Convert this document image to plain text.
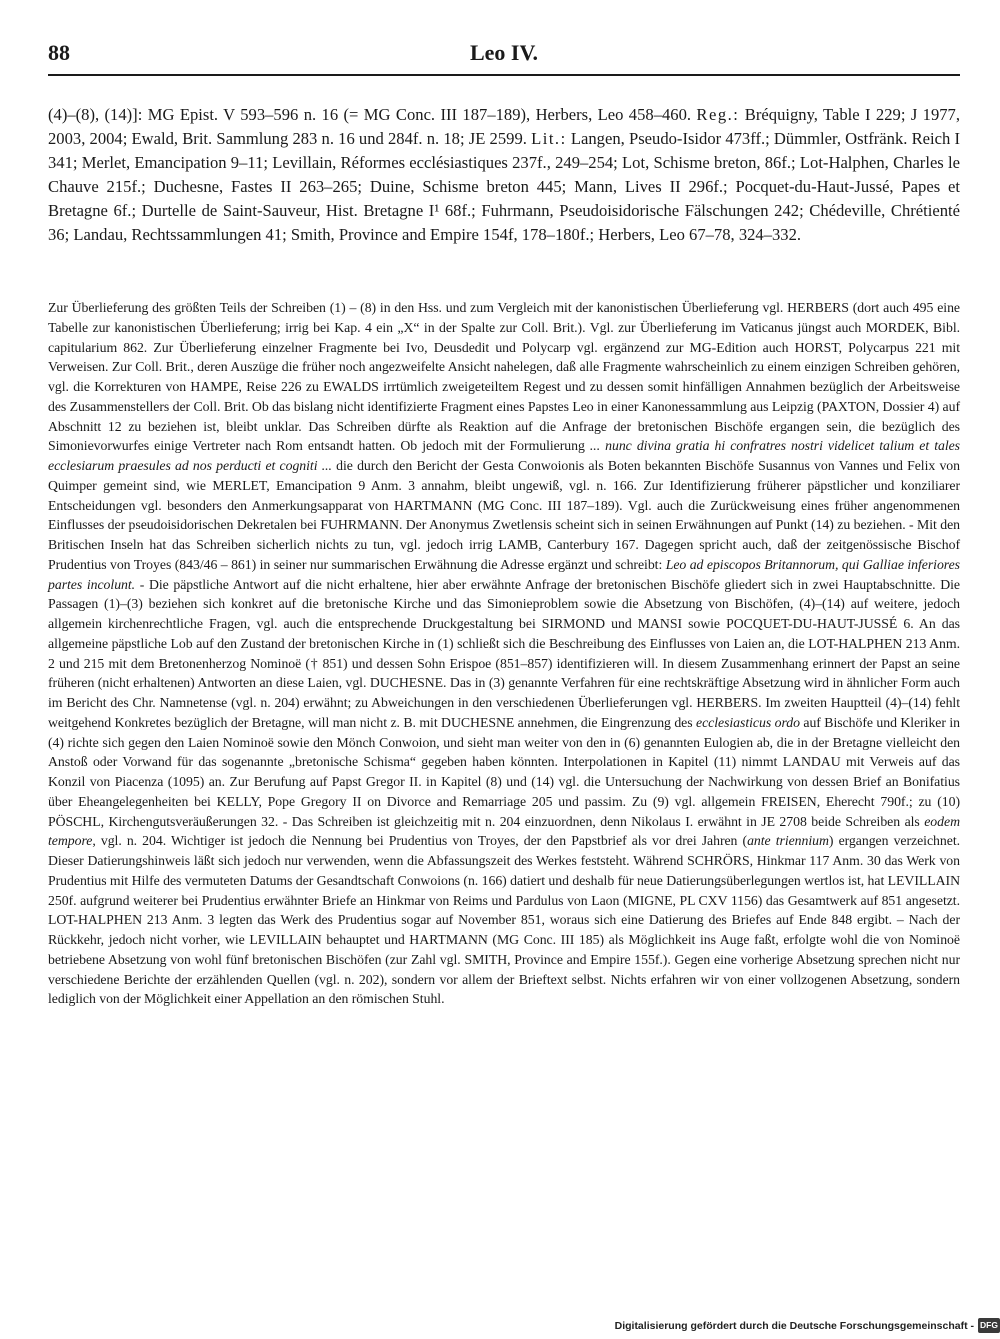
88	Leo IV.

(4)–(8), (14)]: MG Epist. V 593–596 n. 16 (= MG Conc. III 187–189), Herbers, Leo 458–460. Reg.: Bréquigny, Table I 229; J 1977, 2003, 2004; Ewald, Brit. Sammlung 283 n. 16 und 284f. n. 18; JE 2599. Lit.: Langen, Pseudo-Isidor 473ff.; Dümmler, Ostfränk. Reich I 341; Merlet, Emancipation 9–11; Levillain, Réformes ecclésiastiques 237f., 249–254; Lot, Schisme breton, 86f.; Lot-Halphen, Charles le Chauve 215f.; Duchesne, Fastes II 263–265; Duine, Schisme breton 445; Mann, Lives II 296f.; Pocquet-du-Haut-Jussé, Papes et Bretagne 6f.; Durtelle de Saint-Sauveur, Hist. Bretagne I¹ 68f.; Fuhrmann, Pseudoisidorische Fälschungen 242; Chédeville, Chrétienté 36; Landau, Rechtssammlungen 41; Smith, Province and Empire 154f, 178–180f.; Herbers, Leo 67–78, 324–332.

Zur Überlieferung des größten Teils der Schreiben (1) – (8) in den Hss. und zum Vergleich mit der kanonistischen Überlieferung vgl. HERBERS (dort auch 495 eine Tabelle zur kanonistischen Überlieferung; irrig bei Kap. 4 ein „X“ in der Spalte zur Coll. Brit.). Vgl. zur Überlieferung im Vaticanus jüngst auch MORDEK, Bibl. capitularium 862. Zur Überlieferung einzelner Fragmente bei Ivo, Deusdedit und Polycarp vgl. ergänzend zur MG-Edition auch HORST, Polycarpus 221 mit Verweisen. Zur Coll. Brit., deren Auszüge die früher noch angezweifelte Ansicht nahelegen, daß alle Fragmente wahrscheinlich zu einem einzigen Schreiben gehören, vgl. die Korrekturen von HAMPE, Reise 226 zu EWALDS irrtümlich zweigeteiltem Regest und zu dessen somit hinfälligen Annahmen bezüglich der Arbeitsweise des Zusammenstellers der Coll. Brit. Ob das bislang nicht identifizierte Fragment eines Papstes Leo in einer Kanonessammlung aus Leipzig (PAXTON, Dossier 4) auf Abschnitt 12 zu beziehen ist, bleibt unklar. Das Schreiben dürfte als Reaktion auf die Anfrage der bretonischen Bischöfe ergangen sein, die bezüglich des Simonievorwurfes einige Vertreter nach Rom entsandt hatten. Ob jedoch mit der Formulierung ... nunc divina gratia hi confratres nostri videlicet talium et tales ecclesiarum praesules ad nos perducti et cogniti ... die durch den Bericht der Gesta Conwoionis als Boten bekannten Bischöfe Susannus von Vannes und Felix von Quimper gemeint sind, wie MERLET, Emancipation 9 Anm. 3 annahm, bleibt ungewiß, vgl. n. 166. Zur Identifizierung früherer päpstlicher und konziliarer Entscheidungen vgl. besonders den Anmerkungsapparat von HARTMANN (MG Conc. III 187–189). Vgl. auch die Zurückweisung eines früher angenommenen Einflusses der pseudoisidorischen Dekretalen bei FUHRMANN. Der Anonymus Zwetlensis scheint sich in seinen Erwähnungen auf Punkt (14) zu beziehen. - Mit den Britischen Inseln hat das Schreiben sicherlich nichts zu tun, vgl. jedoch irrig LAMB, Canterbury 167. Dagegen spricht auch, daß der zeitgenössische Bischof Prudentius von Troyes (843/46 – 861) in seiner nur summarischen Erwähnung die Adresse ergänzt und schreibt: Leo ad episcopos Britannorum, qui Galliae inferiores partes incolunt. - Die päpstliche Antwort auf die nicht erhaltene, hier aber erwähnte Anfrage der bretonischen Bischöfe gliedert sich in zwei Hauptabschnitte. Die Passagen (1)–(3) beziehen sich konkret auf die bretonische Kirche und das Simonieproblem sowie die Absetzung von Bischöfen, (4)–(14) auf weitere, jedoch allgemein kirchenrechtliche Fragen, vgl. auch die entsprechende Druckgestaltung bei SIRMOND und MANSI sowie POCQUET-DU-HAUT-JUSSÉ 6. An das allgemeine päpstliche Lob auf den Zustand der bretonischen Kirche in (1) schließt sich die Beschreibung des Einflusses von Laien an, die LOT-HALPHEN 213 Anm. 2 und 215 mit dem Bretonenherzog Nominoë († 851) und dessen Sohn Erispoe (851–857) identifizieren will. In diesem Zusammenhang erinnert der Papst an seine früheren (nicht erhaltenen) Antworten an diese Laien, vgl. DUCHESNE. Das in (3) genannte Verfahren für eine rechtskräftige Absetzung wird in ähnlicher Form auch im Bericht des Chr. Namnetense (vgl. n. 204) erwähnt; zu Abweichungen in den verschiedenen Überlieferungen vgl. HERBERS. Im zweiten Hauptteil (4)–(14) fehlt weitgehend Konkretes bezüglich der Bretagne, will man nicht z. B. mit DUCHESNE annehmen, die Eingrenzung des ecclesiasticus ordo auf Bischöfe und Kleriker in (4) richte sich gegen den Laien Nominoë sowie den Mönch Conwoion, und sieht man weiter von den in (6) genannten Eulogien ab, die in der Bretagne vielleicht den Anstoß oder Vorwand für das sogenannte „bretonische Schisma“ gegeben haben könnten. Interpolationen in Kapitel (11) nimmt LANDAU mit Verweis auf das Konzil von Piacenza (1095) an. Zur Berufung auf Papst Gregor II. in Kapitel (8) und (14) vgl. die Untersuchung der Nachwirkung von dessen Brief an Bonifatius über Eheangelegenheiten bei KELLY, Pope Gregory II on Divorce and Remarriage 205 und passim. Zu (9) vgl. allgemein FREISEN, Eherecht 790f.; zu (10) PÖSCHL, Kirchengutsveräußerungen 32. - Das Schreiben ist gleichzeitig mit n. 204 einzuordnen, denn Nikolaus I. erwähnt in JE 2708 beide Schreiben als eodem tempore, vgl. n. 204. Wichtiger ist jedoch die Nennung bei Prudentius von Troyes, der den Papstbrief als vor drei Jahren (ante triennium) ergangen verzeichnet. Dieser Datierungshinweis läßt sich jedoch nur verwenden, wenn die Abfassungszeit des Werkes feststeht. Während SCHRÖRS, Hinkmar 117 Anm. 30 das Werk von Prudentius mit Hilfe des vermuteten Datums der Gesandtschaft Conwoions (n. 166) datiert und deshalb für neue Datierungsüberlegungen wertlos ist, hat LEVILLAIN 250f. aufgrund weiterer bei Prudentius erwähnter Briefe an Hinkmar von Reims und Pardulus von Laon (MIGNE, PL CXV 1156) das Gesamtwerk auf 851 angesetzt. LOT-HALPHEN 213 Anm. 3 legten das Werk des Prudentius sogar auf November 851, woraus sich eine Datierung des Briefes auf Ende 848 ergibt. – Nach der Rückkehr, jedoch nicht vorher, wie LEVILLAIN behauptet und HARTMANN (MG Conc. III 185) als Möglichkeit ins Auge faßt, erfolgte wohl die von Nominoë betriebene Absetzung von wohl fünf bretonischen Bischöfen (zur Zahl vgl. SMITH, Province and Empire 155f.). Gegen eine vorherige Absetzung sprechen nicht nur verschiedene Berichte der erzählenden Quellen (vgl. n. 202), sondern vor allem der Brieftext selbst. Nichts erfahren wir von einer vollzogenen Absetzung, sondern lediglich von der Möglichkeit einer Appellation an den römischen Stuhl.

Digitalisierung gefördert durch die Deutsche Forschungsgemeinschaft - DFG
